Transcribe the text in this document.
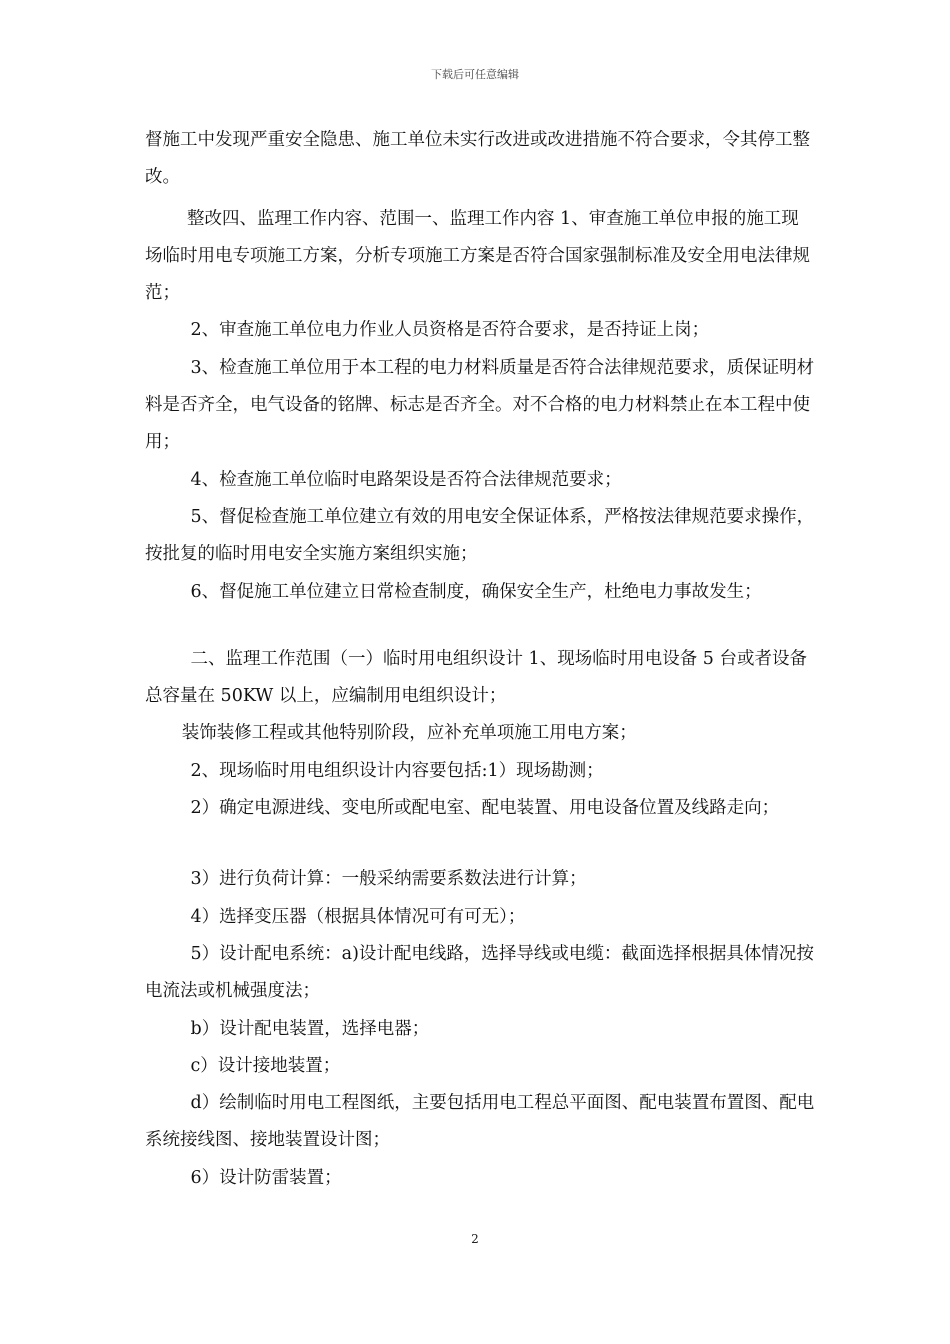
下载后可任意编辑

督施工中发现严重安全隐患、施工单位未实行改进或改进措施不符合要求，令其停工整改。

整改四、监理工作内容、范围一、监理工作内容 1、审查施工单位申报的施工现场临时用电专项施工方案，分析专项施工方案是否符合国家强制标准及安全用电法律规范；

2、审查施工单位电力作业人员资格是否符合要求，是否持证上岗；

3、检查施工单位用于本工程的电力材料质量是否符合法律规范要求，质保证明材料是否齐全，电气设备的铭牌、标志是否齐全。对不合格的电力材料禁止在本工程中使用；

4、检查施工单位临时电路架设是否符合法律规范要求；

5、督促检查施工单位建立有效的用电安全保证体系，严格按法律规范要求操作，按批复的临时用电安全实施方案组织实施；

6、督促施工单位建立日常检查制度，确保安全生产，杜绝电力事故发生；

二、监理工作范围（一）临时用电组织设计 1、现场临时用电设备 5 台或者设备总容量在 50KW 以上，应编制用电组织设计；

装饰装修工程或其他特别阶段，应补充单项施工用电方案；

2、现场临时用电组织设计内容要包括:1）现场勘测；

2）确定电源进线、变电所或配电室、配电装置、用电设备位置及线路走向；

3）进行负荷计算：一般采纳需要系数法进行计算；

4）选择变压器（根据具体情况可有可无）；

5）设计配电系统：a)设计配电线路，选择导线或电缆：截面选择根据具体情况按电流法或机械强度法；

b）设计配电装置，选择电器；

c）设计接地装置；

d）绘制临时用电工程图纸，主要包括用电工程总平面图、配电装置布置图、配电系统接线图、接地装置设计图；

6）设计防雷装置；

2
